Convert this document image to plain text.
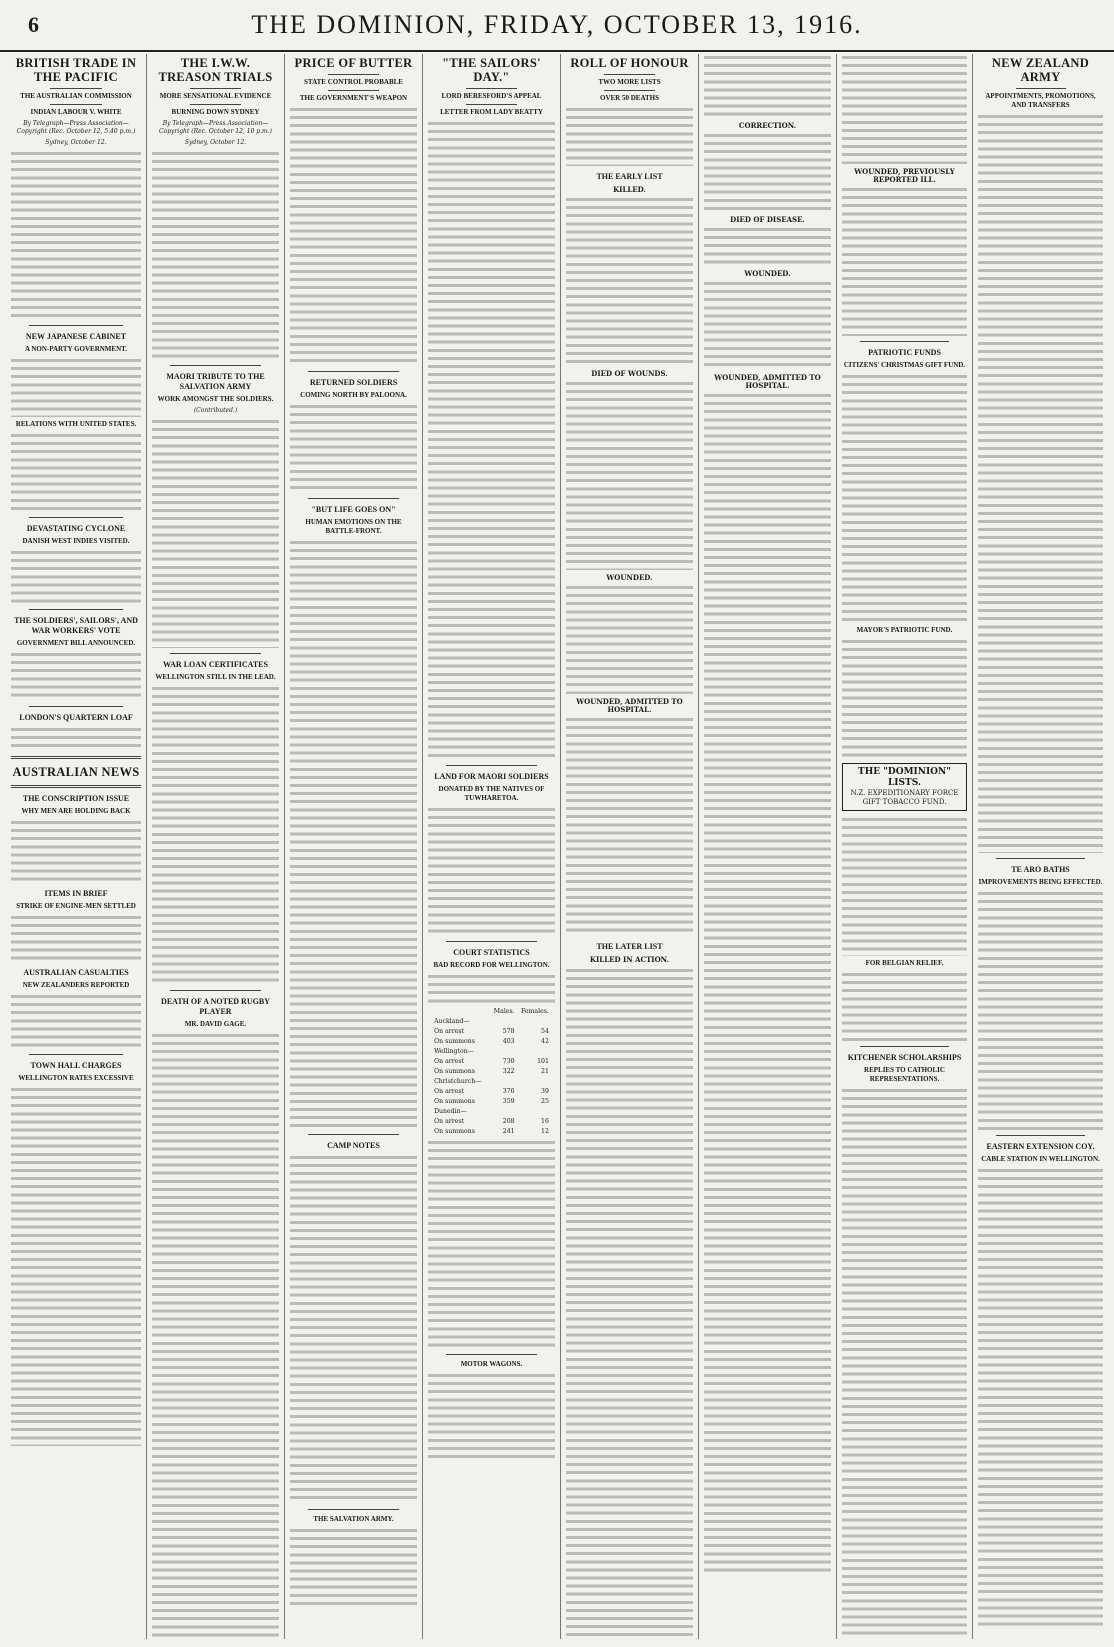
6	THE DOMINION, FRIDAY, OCTOBER 13, 1916.
BRITISH TRADE IN THE PACIFIC
THE AUSTRALIAN COMMISSION
INDIAN LABOUR V. WHITE
By Telegraph—Press Association—Copyright (Rec. October 12, 5.40 p.m.)
Sydney, October 12.
NEW JAPANESE CABINET
A NON-PARTY GOVERNMENT.
RELATIONS WITH UNITED STATES.
DEVASTATING CYCLONE
DANISH WEST INDIES VISITED.
THE SOLDIERS', SAILORS', AND WAR WORKERS' VOTE
GOVERNMENT BILL ANNOUNCED.
LONDON'S QUARTERN LOAF
AUSTRALIAN NEWS
THE CONSCRIPTION ISSUE
WHY MEN ARE HOLDING BACK
ITEMS IN BRIEF
STRIKE OF ENGINE-MEN SETTLED
AUSTRALIAN CASUALTIES
NEW ZEALANDERS REPORTED
TOWN HALL CHARGES
WELLINGTON RATES EXCESSIVE
THE I.W.W. TREASON TRIALS
MORE SENSATIONAL EVIDENCE
BURNING DOWN SYDNEY
By Telegraph—Press Association—Copyright (Rec. October 12, 10 p.m.)
Sydney, October 12.
MAORI TRIBUTE TO THE SALVATION ARMY
WORK AMONGST THE SOLDIERS.
(Contributed.)
WAR LOAN CERTIFICATES
WELLINGTON STILL IN THE LEAD.
DEATH OF A NOTED RUGBY PLAYER
MR. DAVID GAGE.
PRICE OF BUTTER
STATE CONTROL PROBABLE
THE GOVERNMENT'S WEAPON
RETURNED SOLDIERS
COMING NORTH BY PALOONA.
"BUT LIFE GOES ON"
HUMAN EMOTIONS ON THE BATTLE-FRONT.
CAMP NOTES
THE SALVATION ARMY.
"THE SAILORS' DAY."
LORD BERESFORD'S APPEAL
LETTER FROM LADY BEATTY
LAND FOR MAORI SOLDIERS
DONATED BY THE NATIVES OF TUWHARETOA.
COURT STATISTICS
BAD RECORD FOR WELLINGTON.
	Males.	Females.
Auckland—		
On arrest	578	54
On summons	403	42
Wellington—		
On arrest	730	101
On summons	322	21
Christchurch—		
On arrest	376	39
On summons	359	25
Dunedin—		
On arrest	208	16
On summons	241	12
MOTOR WAGONS.
ROLL OF HONOUR
TWO MORE LISTS
OVER 50 DEATHS
THE EARLY LIST
KILLED.
DIED OF WOUNDS.
WOUNDED.
WOUNDED, ADMITTED TO HOSPITAL.
THE LATER LIST
KILLED IN ACTION.
CORRECTION.
DIED OF DISEASE.
WOUNDED.
WOUNDED, ADMITTED TO HOSPITAL.
WOUNDED, PREVIOUSLY REPORTED ILL.
PATRIOTIC FUNDS
CITIZENS' CHRISTMAS GIFT FUND.
MAYOR'S PATRIOTIC FUND.
THE "DOMINION" LISTS.
N.Z. EXPEDITIONARY FORCE GIFT TOBACCO FUND.
FOR BELGIAN RELIEF.
KITCHENER SCHOLARSHIPS
REPLIES TO CATHOLIC REPRESENTATIONS.
NEW ZEALAND ARMY
APPOINTMENTS, PROMOTIONS, AND TRANSFERS
TE ARO BATHS
IMPROVEMENTS BEING EFFECTED.
EASTERN EXTENSION COY.
CABLE STATION IN WELLINGTON.
